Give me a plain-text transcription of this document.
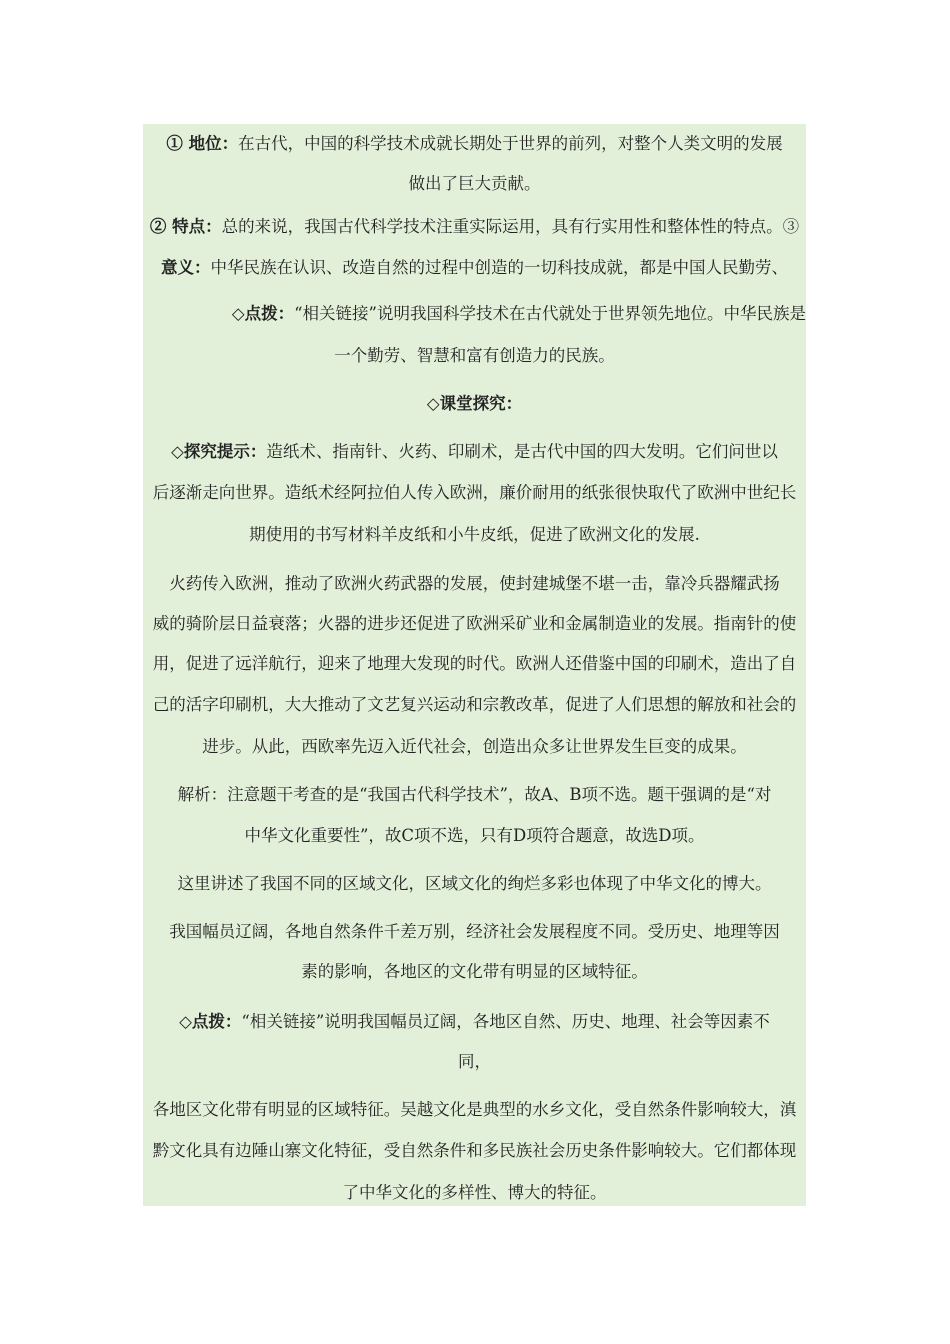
① 地位：在古代，中国的科学技术成就长期处于世界的前列，对整个人类文明的发展
做出了巨大贡献。
② 特点：总的来说，我国古代科学技术注重实际运用，具有行实用性和整体性的特点。③
意义：中华民族在认识、改造自然的过程中创造的一切科技成就，都是中国人民勤劳、
◇点拨：“相关链接”说明我国科学技术在古代就处于世界领先地位。中华民族是
一个勤劳、智慧和富有创造力的民族。
◇课堂探究：
◇探究提示：造纸术、指南针、火药、印刷术，是古代中国的四大发明。它们问世以
后逐渐走向世界。造纸术经阿拉伯人传入欧洲，廉价耐用的纸张很快取代了欧洲中世纪长
期使用的书写材料羊皮纸和小牛皮纸，促进了欧洲文化的发展.
火药传入欧洲，推动了欧洲火药武器的发展，使封建城堡不堪一击，靠冷兵器耀武扬
威的骑阶层日益衰落；火器的进步还促进了欧洲采矿业和金属制造业的发展。指南针的使
用，促进了远洋航行，迎来了地理大发现的时代。欧洲人还借鉴中国的印刷术，造出了自
己的活字印刷机，大大推动了文艺复兴运动和宗教改革，促进了人们思想的解放和社会的
进步。从此，西欧率先迈入近代社会，创造出众多让世界发生巨变的成果。
解析：注意题干考查的是“我国古代科学技术”，故A、B项不选。题干强调的是“对
中华文化重要性”，故C项不选，只有D项符合题意，故选D项。
这里讲述了我国不同的区域文化，区域文化的绚烂多彩也体现了中华文化的博大。
我国幅员辽阔，各地自然条件千差万别，经济社会发展程度不同。受历史、地理等因
素的影响，各地区的文化带有明显的区域特征。
◇点拨：“相关链接”说明我国幅员辽阔，各地区自然、历史、地理、社会等因素不
同，
各地区文化带有明显的区域特征。吴越文化是典型的水乡文化，受自然条件影响较大，滇
黔文化具有边陲山寨文化特征，受自然条件和多民族社会历史条件影响较大。它们都体现
了中华文化的多样性、博大的特征。
